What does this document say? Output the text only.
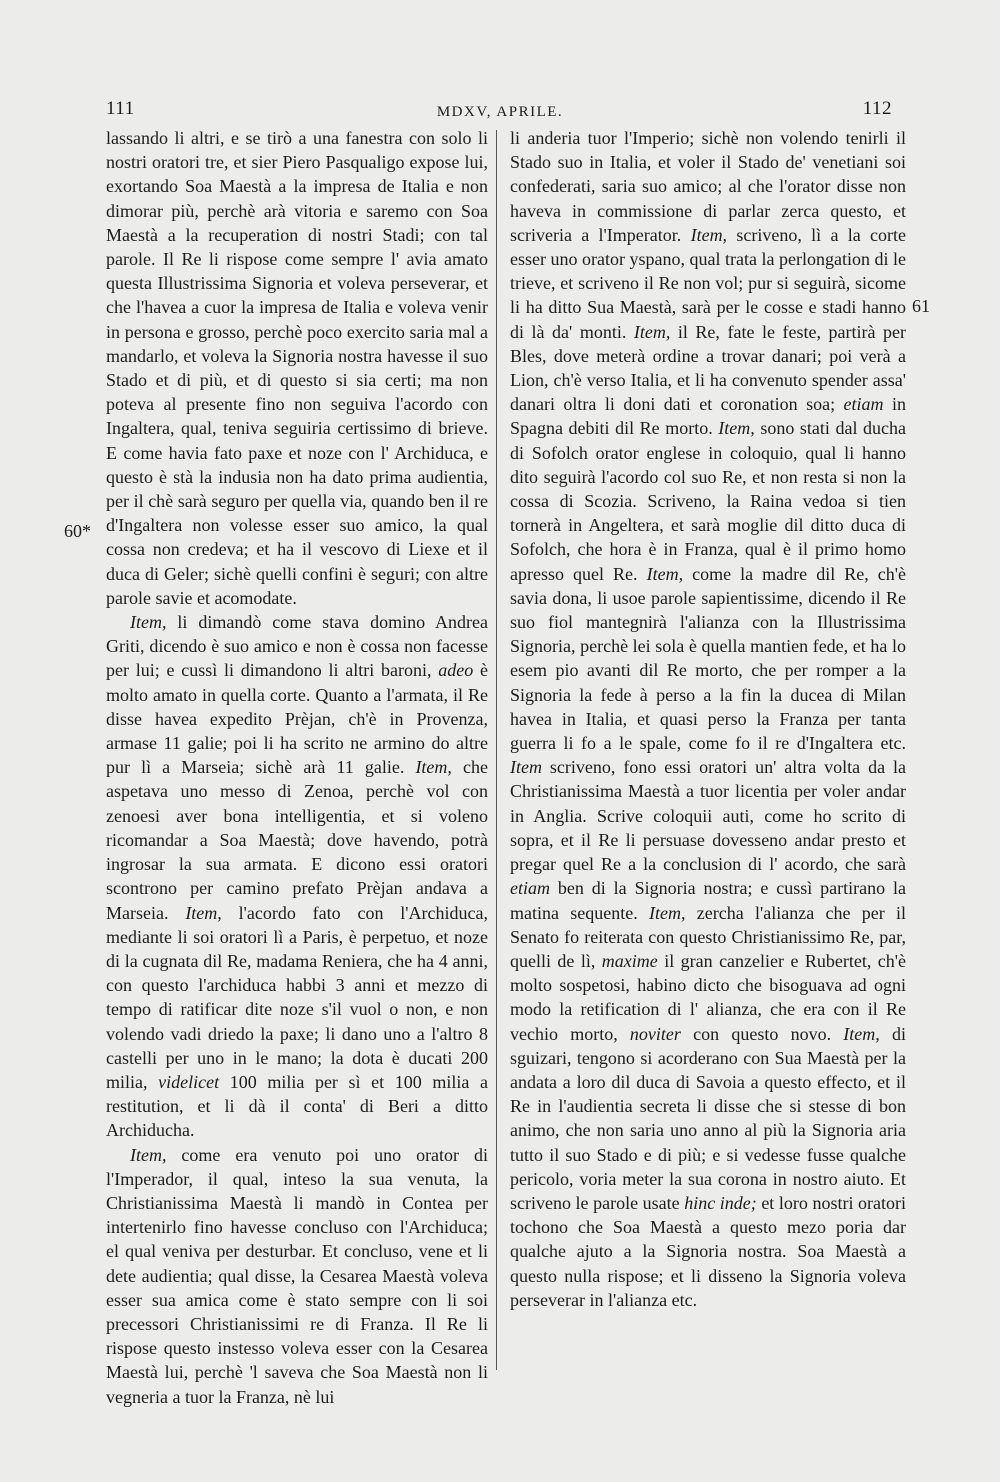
111	MDXV, APRILE.	112
60*
61

lassando li altri, e se tirò a una fanestra con solo li nostri oratori tre, et sier Piero Pasqualigo expose lui, exortando Soa Maestà a la impresa de Italia e non dimorar più, perchè arà vitoria e saremo con Soa Maestà a la recuperation di nostri Stadi; con tal parole. Il Re li rispose come sempre l' avia amato questa Illustrissima Signoria et voleva perseverar, et che l'havea a cuor la impresa de Italia e voleva venir in persona e grosso, perchè poco exercito saria mal a mandarlo, et voleva la Signoria nostra havesse il suo Stado et di più, et di questo si sia certi; ma non poteva al presente fino non seguiva l'acordo con Ingaltera, qual, teniva seguiria certissimo di brieve. E come havia fato paxe et noze con l' Archiduca, e questo è stà la indusia non ha dato prima audientia, per il chè sarà seguro per quella via, quando ben il re d'Ingaltera non volesse esser suo amico, la qual cossa non credeva; et ha il vescovo di Liexe et il duca di Geler; sichè quelli confini è seguri; con altre parole savie et acomodate.

Item, li dimandò come stava domino Andrea Griti, dicendo è suo amico e non è cossa non facesse per lui; e cussì li dimandono li altri baroni, adeo è molto amato in quella corte. Quanto a l'armata, il Re disse havea expedito Prèjan, ch'è in Provenza, armase 11 galie; poi li ha scrito ne armino do altre pur lì a Marseia; sichè arà 11 galie. Item, che aspetava uno messo di Zenoa, perchè vol con zenoesi aver bona intelligentia, et si voleno ricomandar a Soa Maestà; dove havendo, potrà ingrosar la sua armata. E dicono essi oratori scontrono per camino prefato Prèjan andava a Marseia. Item, l'acordo fato con l'Archiduca, mediante li soi oratori lì a Paris, è perpetuo, et noze di la cugnata dil Re, madama Reniera, che ha 4 anni, con questo l'archiduca habbi 3 anni et mezzo di tempo di ratificar dite noze s'il vuol o non, e non volendo vadi driedo la paxe; li dano uno a l'altro 8 castelli per uno in le mano; la dota è ducati 200 milia, videlicet 100 milia per sì et 100 milia a restitution, et li dà il conta' di Beri a ditto Archiducha.

Item, come era venuto poi uno orator di l'Imperador, il qual, inteso la sua venuta, la Christianissima Maestà li mandò in Contea per intertenirlo fino havesse concluso con l'Archiduca; el qual veniva per desturbar. Et concluso, vene et li dete audientia; qual disse, la Cesarea Maestà voleva esser sua amica come è stato sempre con li soi precessori Christianissimi re di Franza. Il Re li rispose questo instesso voleva esser con la Cesarea Maestà lui, perchè 'l saveva che Soa Maestà non li vegneria a tuor la Franza, nè lui

li anderia tuor l'Imperio; sichè non volendo tenirli il Stado suo in Italia, et voler il Stado de' venetiani soi confederati, saria suo amico; al che l'orator disse non haveva in commissione di parlar zerca questo, et scriveria a l'Imperator. Item, scriveno, lì a la corte esser uno orator yspano, qual trata la perlongation di le trieve, et scriveno il Re non vol; pur si seguirà, sicome li ha ditto Sua Maestà, sarà per le cosse e stadi hanno di là da' monti. Item, il Re, fate le feste, partirà per Bles, dove meterà ordine a trovar danari; poi verà a Lion, ch'è verso Italia, et li ha convenuto spender assa' danari oltra li doni dati et coronation soa; etiam in Spagna debiti dil Re morto. Item, sono stati dal ducha di Sofolch orator englese in coloquio, qual li hanno dito seguirà l'acordo col suo Re, et non resta si non la cossa di Scozia. Scriveno, la Raina vedoa si tien tornerà in Angeltera, et sarà moglie dil ditto duca di Sofolch, che hora è in Franza, qual è il primo homo apresso quel Re. Item, come la madre dil Re, ch'è savia dona, li usoe parole sapientissime, dicendo il Re suo fiol mantegnirà l'alianza con la Illustrissima Signoria, perchè lei sola è quella mantien fede, et ha lo esem pio avanti dil Re morto, che per romper a la Signoria la fede à perso a la fin la ducea di Milan havea in Italia, et quasi perso la Franza per tanta guerra li fo a le spale, come fo il re d'Ingaltera etc. Item scriveno, fono essi oratori un' altra volta da la Christianissima Maestà a tuor licentia per voler andar in Anglia. Scrive coloquii auti, come ho scrito di sopra, et il Re li persuase dovesseno andar presto et pregar quel Re a la conclusion di l' acordo, che sarà etiam ben di la Signoria nostra; e cussì partirano la matina sequente. Item, zercha l'alianza che per il Senato fo reiterata con questo Christianissimo Re, par, quelli de lì, maxime il gran canzelier e Rubertet, ch'è molto sospetosi, habino dicto che bisoguava ad ogni modo la retification di l' alianza, che era con il Re vechio morto, noviter con questo novo. Item, di sguizari, tengono si acorderano con Sua Maestà per la andata a loro dil duca di Savoia a questo effecto, et il Re in l'audientia secreta li disse che si stesse di bon animo, che non saria uno anno al più la Signoria aria tutto il suo Stado e di più; e si vedesse fusse qualche pericolo, voria meter la sua corona in nostro aiuto. Et scriveno le parole usate hinc inde; et loro nostri oratori tochono che Soa Maestà a questo mezo poria dar qualche ajuto a la Signoria nostra. Soa Maestà a questo nulla rispose; et li disseno la Signoria voleva perseverar in l'alianza etc.
